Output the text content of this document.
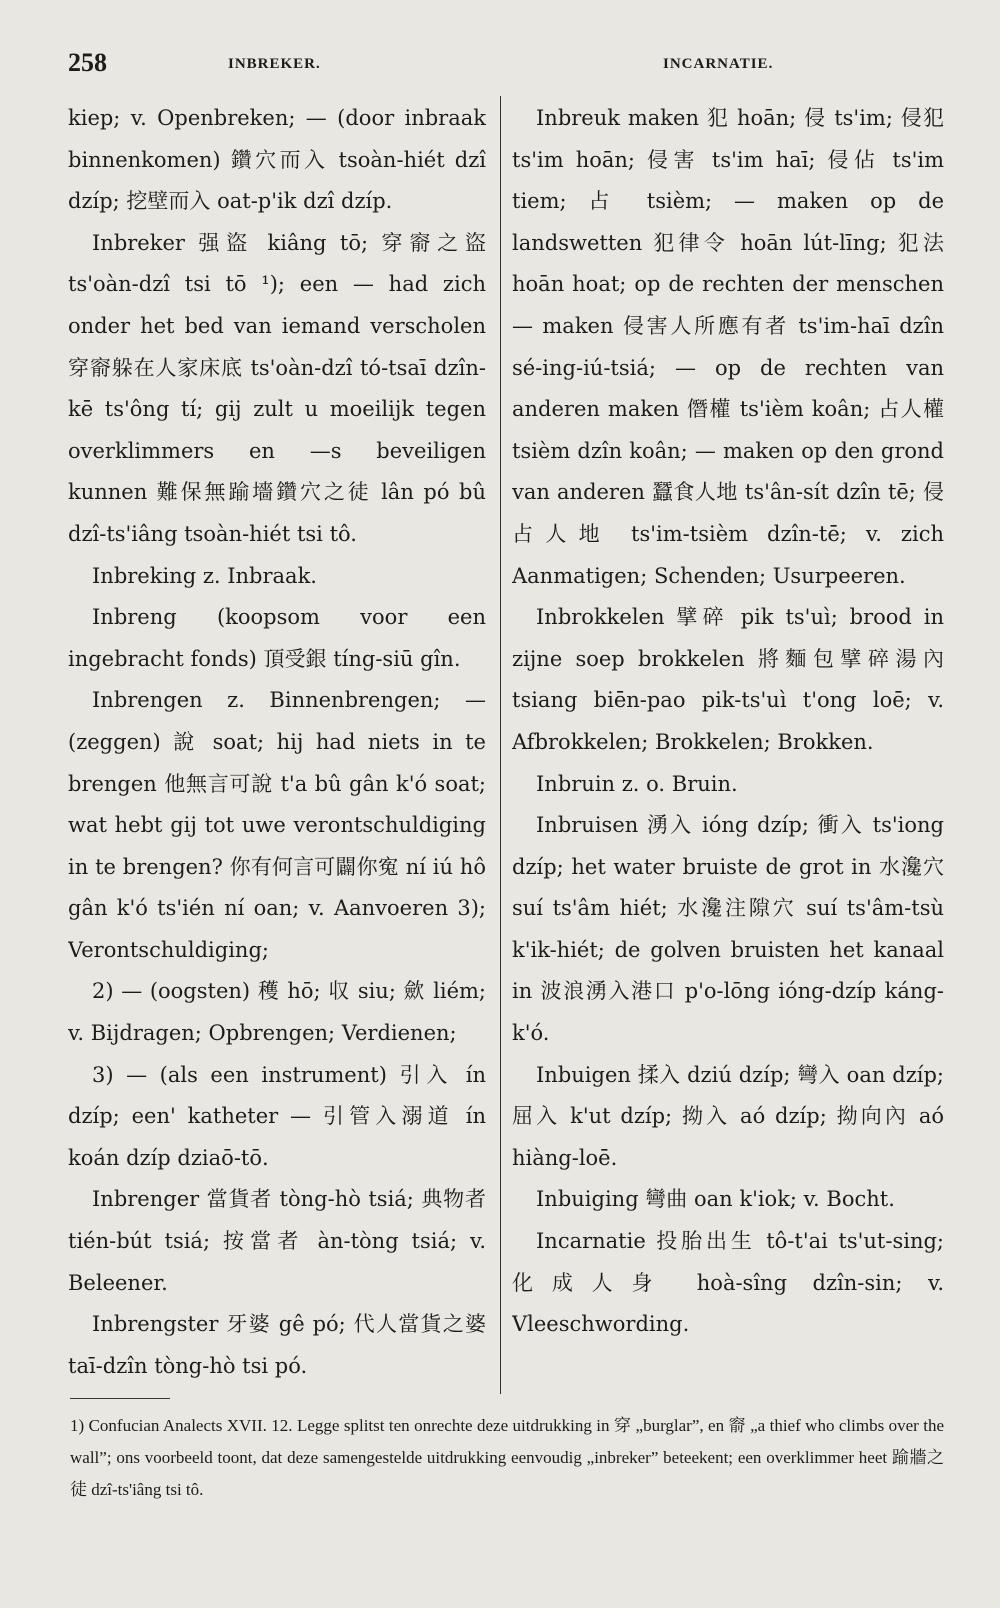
258	INBREKER.	INCARNATIE.

kiep; v. Openbreken; — (door inbraak binnenkomen) 鑽穴而入 tsoàn-hiét dzî dzíp; 挖壁而入 oat-p'ik dzî dzíp.

Inbreker 强盜 kiâng tō; 穿窬之盜 ts'oàn-dzî tsi tō ¹); een — had zich onder het bed van iemand verscholen 穿窬躲在人家床底 ts'oàn-dzî tó-tsaī dzîn-kē ts'ông tí; gij zult u moeilijk tegen overklimmers en —s beveiligen kunnen 難保無踰墻鑽穴之徒 lân pó bû dzî-ts'iâng tsoàn-hiét tsi tô.

Inbreking z. Inbraak.

Inbreng (koopsom voor een ingebracht fonds) 頂受銀 tíng-siū gîn.

Inbrengen z. Binnenbrengen; — (zeggen) 說 soat; hij had niets in te brengen 他無言可說 t'a bû gân k'ó soat; wat hebt gij tot uwe verontschuldiging in te brengen? 你有何言可闢你寃 ní iú hô gân k'ó ts'ién ní oan; v. Aanvoeren 3); Verontschuldiging;

2) — (oogsten) 穫 hō; 収 siu; 歛 liém; v. Bijdragen; Opbrengen; Verdienen;

3) — (als een instrument) 引入 ín dzíp; een' katheter — 引管入溺道 ín koán dzíp dziaō-tō.

Inbrenger 當貨者 tòng-hò tsiá; 典物者 tién-bút tsiá; 按當者 àn-tòng tsiá; v. Beleener.

Inbrengster 牙婆 gê pó; 代人當貨之婆 taī-dzîn tòng-hò tsi pó.

Inbreuk maken 犯 hoān; 侵 ts'im; 侵犯 ts'im hoān; 侵害 ts'im haī; 侵佔 ts'im tiem; 占 tsièm; — maken op de landswetten 犯律令 hoān lút-līng; 犯法 hoān hoat; op de rechten der menschen — maken 侵害人所應有者 ts'im-haī dzîn sé-ing-iú-tsiá; — op de rechten van anderen maken 僭權 ts'ièm koân; 占人權 tsièm dzîn koân; — maken op den grond van anderen 蠶食人地 ts'ân-sít dzîn tē; 侵占人地 ts'im-tsièm dzîn-tē; v. zich Aanmatigen; Schenden; Usurpeeren.

Inbrokkelen 擘碎 pik ts'uì; brood in zijne soep brokkelen 將麵包擘碎湯內 tsiang biēn-pao pik-ts'uì t'ong loē; v. Afbrokkelen; Brokkelen; Brokken.

Inbruin z. o. Bruin.

Inbruisen 湧入 ióng dzíp; 衝入 ts'iong dzíp; het water bruiste de grot in 水瀺穴 suí ts'âm hiét; 水瀺注隙穴 suí ts'âm-tsù k'ik-hiét; de golven bruisten het kanaal in 波浪湧入港口 p'o-lōng ióng-dzíp káng-k'ó.

Inbuigen 揉入 dziú dzíp; 彎入 oan dzíp; 屈入 k'ut dzíp; 拗入 aó dzíp; 拗向內 aó hiàng-loē.

Inbuiging 彎曲 oan k'iok; v. Bocht.

Incarnatie 投胎出生 tô-t'ai ts'ut-sing; 化成人身 hoà-sîng dzîn-sin; v. Vleeschwording.

1) Confucian Analects XVII. 12. Legge splitst ten onrechte deze uitdrukking in 穿 „burglar”, en 窬 „a thief who climbs over the wall”; ons voorbeeld toont, dat deze samengestelde uitdrukking eenvoudig „inbreker” beteekent; een overklimmer heet 踰牆之徒 dzî-ts'iâng tsi tô.
